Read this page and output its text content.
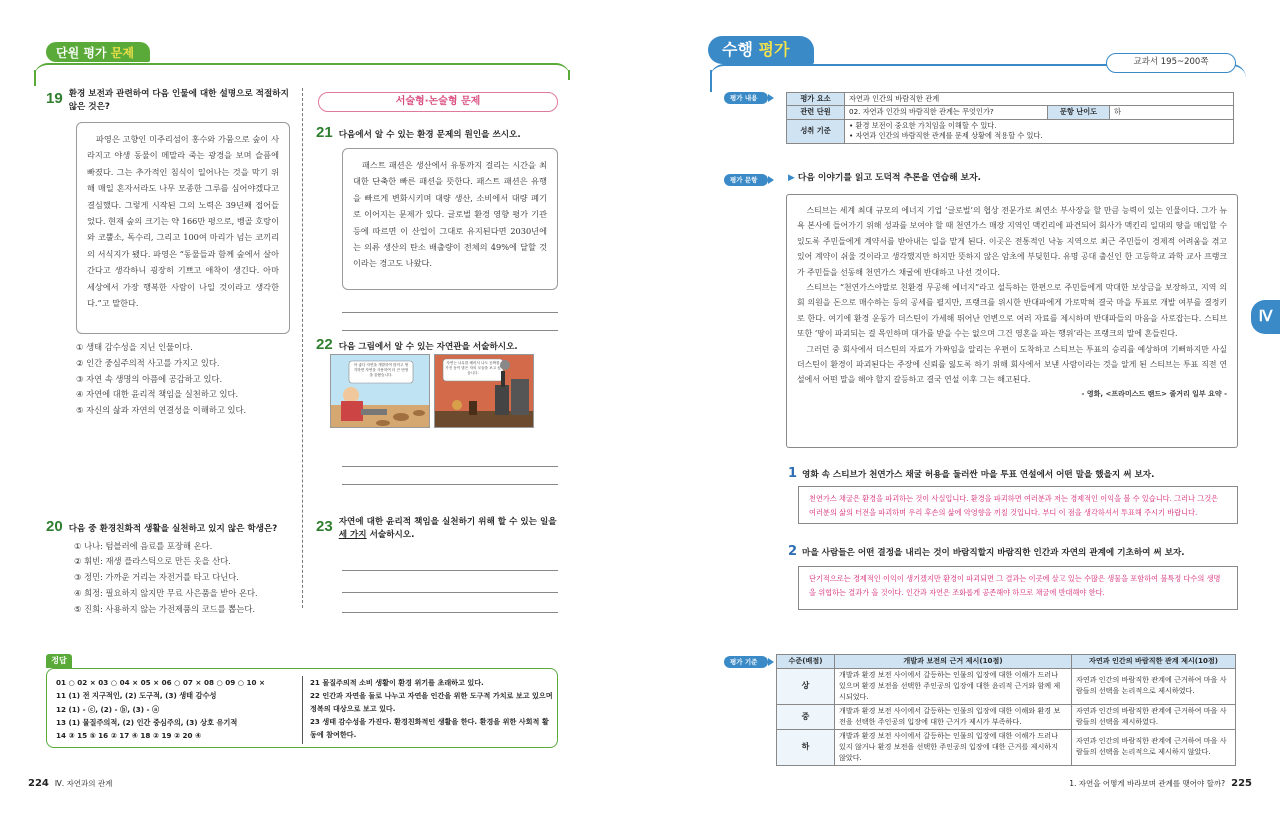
단원 평가 문제
19 환경 보전과 관련하여 다음 인물에 대한 설명으로 적절하지 않은 것은?
파영은 고향인 미주리섬이 홍수와 가뭄으로 숲이 사라지고 야생 동물이 메말라 죽는 광경을 보며 슬픔에 빠졌다. 그는 추가적인 침식이 일어나는 것을 막기 위해 매일 혼자서라도 나무 모종한 그루를 심어야겠다고 결심했다. 그렇게 시작된 그의 노력은 39년째 접어들었다. 현재 숲의 크기는 약 166만 평으로, 벵골 호랑이와 코뿔소, 독수리, 그리고 100여 마리가 넘는 코끼리의 서식지가 됐다. 파영은 “동물들과 함께 숲에서 살아간다고 생각하니 굉장히 기쁘고 애착이 생긴다. 아마 세상에서 가장 행복한 사람이 나일 것이라고 생각한다.”고 말한다.
① 생태 감수성을 지닌 인물이다.
② 인간 중심주의적 사고를 가지고 있다.
③ 자연 속 생명의 아픔에 공감하고 있다.
④ 자연에 대한 윤리적 책임을 실천하고 있다.
⑤ 자신의 삶과 자연의 연결성을 이해하고 있다.
20 다음 중 환경친화적 생활을 실천하고 있지 않은 학생은?
① 나나: 텀블러에 음료를 포장해 온다.
② 휘빈: 재생 플라스틱으로 만든 옷을 산다.
③ 정민: 가까운 거리는 자전거를 타고 다닌다.
④ 희정: 필요하지 않지만 무료 사은품을 받아 온다.
⑤ 진희: 사용하지 않는 가전제품의 코드를 뽑는다.
서술형·논술형 문제
21 다음에서 알 수 있는 환경 문제의 원인을 쓰시오.
패스트 패션은 생산에서 유통까지 걸리는 시간을 최대한 단축한 빠른 패션을 뜻한다. 패스트 패션은 유행을 빠르게 변화시키며 대량 생산, 소비에서 대량 폐기로 이어지는 문제가 있다. 글로벌 환경 영향 평가 기관 등에 따르면 이 산업이 그대로 유지된다면 2030년에는 의류 생산의 탄소 배출량이 전체의 49%에 달할 것이라는 경고도 나왔다.
22 다음 그림에서 알 수 있는 자연관을 서술하시오.
아 좋다 자연을 개발하여 많이고 생각하면 자연을 사용하여 더 큰 번영을 꿈꿨습니다.
자연는 나무를 베어서 나도 공짜를 가진 동이 많은 자의 모습을 보고 싶습니다.
23 자연에 대한 윤리적 책임을 실천하기 위해 할 수 있는 일을 세 가지 서술하시오.
정답
01 ○ 02 × 03 ○ 04 × 05 × 06 ○ 07 × 08 ○ 09 ○ 10 ×
11 (1) 전 지구적인, (2) 도구적, (3) 생태 감수성
12 (1) - ⓒ, (2) - ⓑ, (3) - ⓐ
13 (1) 물질주의적, (2) 인간 중심주의, (3) 상호 유기적
14 ③ 15 ⑤ 16 ② 17 ④ 18 ② 19 ② 20 ④
21 물질주의적 소비 생활이 환경 위기를 초래하고 있다.
22 인간과 자연을 둘로 나누고 자연을 인간을 위한 도구적 가치로 보고 있으며 정복의 대상으로 보고 있다.
23 생태 감수성을 가진다. 환경친화적인 생활을 한다. 환경을 위한 사회적 활동에 참여한다.
224 Ⅳ. 자연과의 관계
수행 평가
교과서 195~200쪽
평가 내용	평가 요소	자연과 인간의 바람직한 관계		
관련 단원	02. 자연과 인간의 바람직한 관계는 무엇인가?	문항 난이도	하
성취 기준	• 환경 보전이 중요한 가치임을 이해할 수 있다.
• 자연과 인간의 바람직한 관계를 문제 상황에 적용할 수 있다.		
평가 문항	▶ 다음 이야기를 읽고 도덕적 추론을 연습해 보자.

스티브는 세계 최대 규모의 에너지 기업 ‘글로벌’의 협상 전문가로 최연소 부사장을 할 만큼 능력이 있는 인물이다. 그가 뉴욕 본사에 들어가기 위해 성과를 보여야 할 때 천연가스 매장 지역인 맥킨리에 파견되어 회사가 맥킨리 일대의 땅을 매입할 수 있도록 주민들에게 계약서를 받아내는 일을 맡게 된다. 이곳은 전통적인 낙농 지역으로 최근 주민들이 경제적 어려움을 겪고 있어 계약이 쉬울 것이라고 생각했지만 하지만 뜻하지 않은 암초에 부딪힌다. 유명 공대 출신인 한 고등학교 과학 교사 프랭크가 주민들을 선동해 천연가스 채굴에 반대하고 나선 것이다.

스티브는 “천연가스야말로 친환경 무공해 에너지”라고 설득하는 한편으로 주민들에게 막대한 보상금을 보장하고, 지역 의회 의원을 돈으로 매수하는 등의 공세를 펼지만, 프랭크를 위시한 반대파에게 가로막혀 결국 마을 투표로 개발 여부를 결정키로 한다. 여기에 환경 운동가 더스틴이 가세해 뛰어난 언변으로 여러 자료를 제시하며 반대파들의 마음을 사로잡는다. 스티브 또한 ‘땅이 파괴되는 걸 목인하며 대가를 받을 수는 없으며 그건 영혼을 파는 행위’라는 프랭크의 말에 흔들린다.

그러던 중 회사에서 더스틴의 자료가 가짜임을 알리는 우편이 도착하고 스티브는 투표의 승리를 예상하며 기뻐하지만 사실 더스틴이 환경이 파괴된다는 주장에 신뢰를 잃도록 하기 위해 회사에서 보낸 사람이라는 것을 알게 된 스티브는 투표 직전 연설에서 어떤 말을 해야 할지 갈등하고 결국 연설 이후 그는 해고된다.

- 영화, <프라미스드 랜드> 줄거리 일부 요약 -
1 영화 속 스티브가 천연가스 채굴 허용을 둘러싼 마을 투표 연설에서 어떤 말을 했을지 써 보자.
천연가스 채굴은 환경을 파괴하는 것이 사실입니다. 환경을 파괴하면 여러분과 저는 경제적인 이익을 볼 수 있습니다. 그러나 그것은 여러분의 삶의 터전을 파괴하며 우리 후손의 삶에 악영향을 끼칠 것입니다. 부디 이 점을 생각하셔서 투표해 주시기 바랍니다.
2 마을 사람들은 어떤 결정을 내리는 것이 바람직할지 바람직한 인간과 자연의 관계에 기초하여 써 보자.
단기적으로는 경제적인 이익이 생기겠지만 환경이 파괴되면 그 결과는 이곳에 살고 있는 수많은 생물을 포함하여 불특정 다수의 생명을 위협하는 결과가 올 것이다. 인간과 자연은 조화롭게 공존해야 하므로 채굴에 반대해야 한다.
평가 기준	수준(배점)	개발과 보전의 근거 제시(10점)	자연과 인간의 바람직한 관계 제시(10점)
상	개발과 환경 보전 사이에서 갈등하는 인물의 입장에 대한 이해가 드러나 있으며 환경 보전을 선택한 주인공의 입장에 대한 윤리적 근거와 함께 제시되었다.	자연과 인간의 바람직한 관계에 근거하여 마을 사람들의 선택을 논리적으로 제시하였다.
중	개발과 환경 보전 사이에서 갈등하는 인물의 입장에 대한 이해와 환경 보전을 선택한 주인공의 입장에 대한 근거가 제시가 부족하다.	자연과 인간의 바람직한 관계에 근거하여 마을 사람들의 선택을 제시하였다.
하	개발과 환경 보전 사이에서 갈등하는 인물의 입장에 대한 이해가 드러나 있지 않거나 환경 보전을 선택한 주인공의 입장에 대한 근거를 제시하지 않았다.	자연과 인간의 바람직한 관계에 근거하여 마을 사람들의 선택을 논리적으로 제시하지 않았다.
Ⅳ
1. 자연을 어떻게 바라보며 관계를 맺어야 할까? 225
